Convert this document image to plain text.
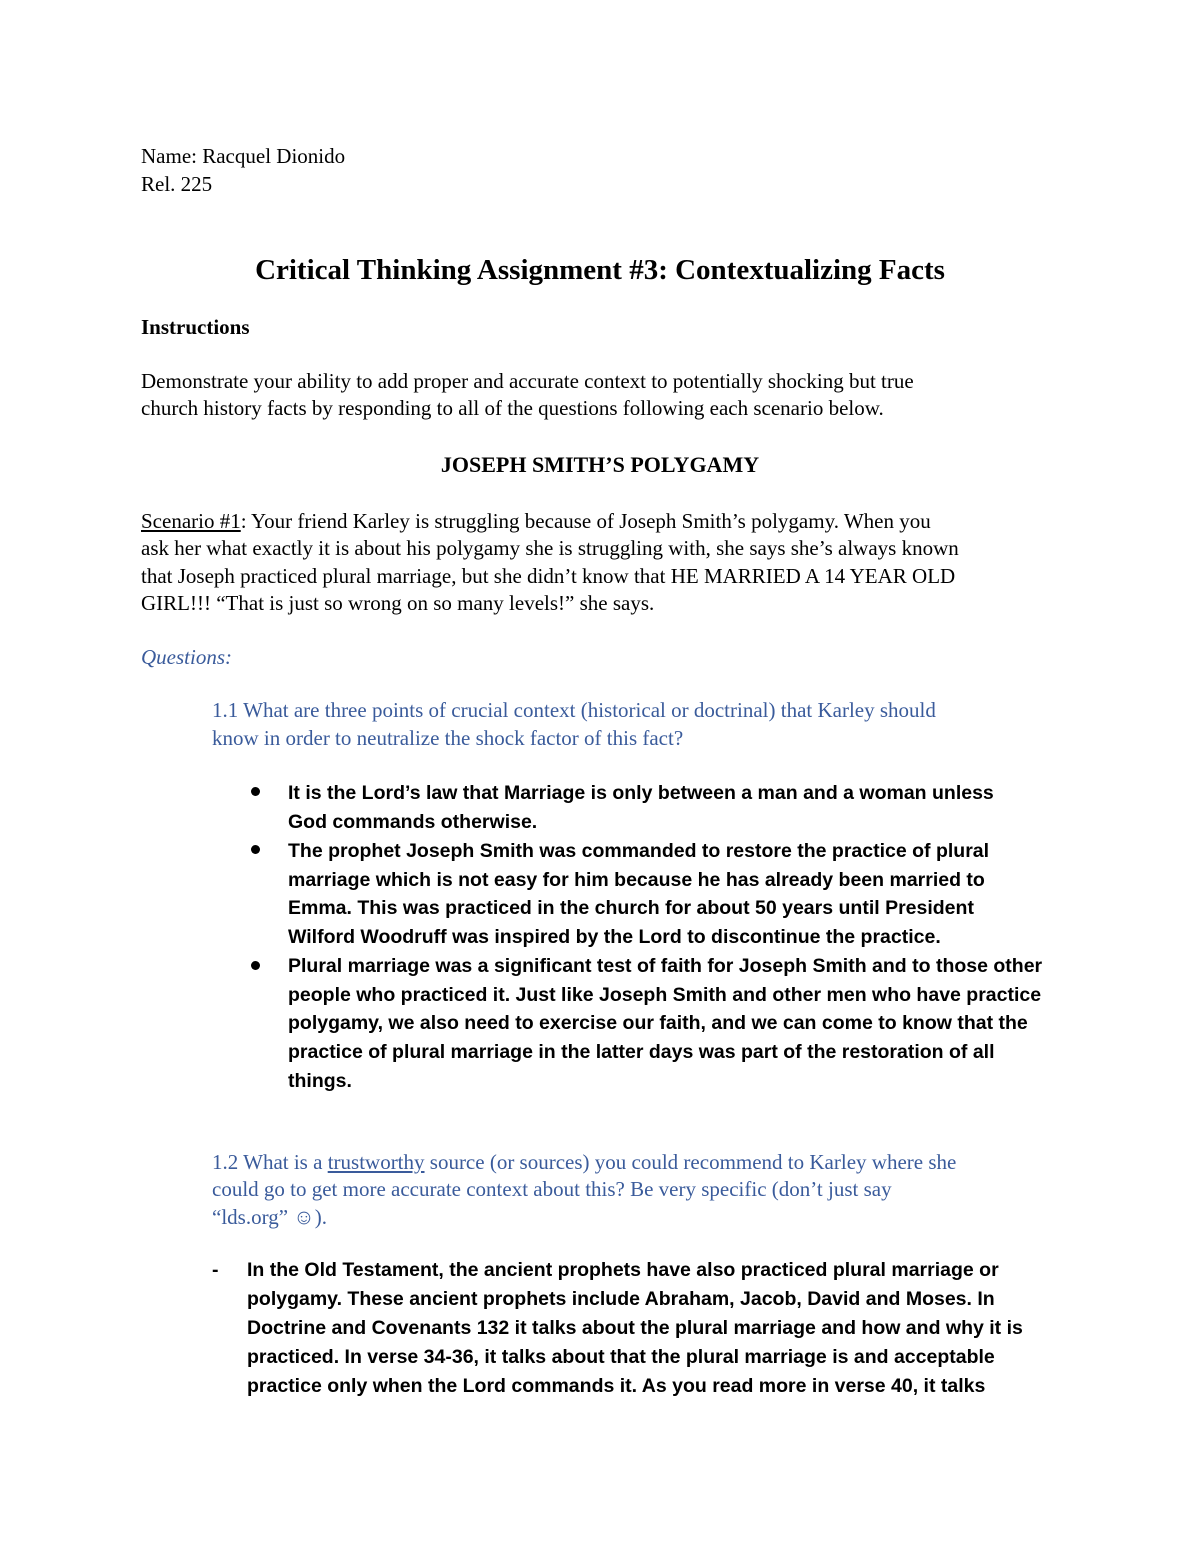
Name: Racquel Dionido

Rel. 225

Critical Thinking Assignment #3: Contextualizing Facts

Instructions

Demonstrate your ability to add proper and accurate context to potentially shocking but true

church history facts by responding to all of the questions following each scenario below.

JOSEPH SMITH’S POLYGAMY

Scenario #1: Your friend Karley is struggling because of Joseph Smith’s polygamy. When you

ask her what exactly it is about his polygamy she is struggling with, she says she’s always known

that Joseph practiced plural marriage, but she didn’t know that HE MARRIED A 14 YEAR OLD

GIRL!!! “That is just so wrong on so many levels!” she says.

Questions:

1.1 What are three points of crucial context (historical or doctrinal) that Karley should

know in order to neutralize the shock factor of this fact?

It is the Lord’s law that Marriage is only between a man and a woman unless

God commands otherwise.

The prophet Joseph Smith was commanded to restore the practice of plural

marriage which is not easy for him because he has already been married to

Emma. This was practiced in the church for about 50 years until President

Wilford Woodruff was inspired by the Lord to discontinue the practice.

Plural marriage was a significant test of faith for Joseph Smith and to those other

people who practiced it. Just like Joseph Smith and other men who have practice

polygamy, we also need to exercise our faith, and we can come to know that the

practice of plural marriage in the latter days was part of the restoration of all

things.

1.2 What is a trustworthy source (or sources) you could recommend to Karley where she

could go to get more accurate context about this? Be very specific (don’t just say

“lds.org” ☺).

- In the Old Testament, the ancient prophets have also practiced plural marriage or

polygamy. These ancient prophets include Abraham, Jacob, David and Moses. In

Doctrine and Covenants 132 it talks about the plural marriage and how and why it is

practiced. In verse 34-36, it talks about that the plural marriage is and acceptable

practice only when the Lord commands it. As you read more in verse 40, it talks
